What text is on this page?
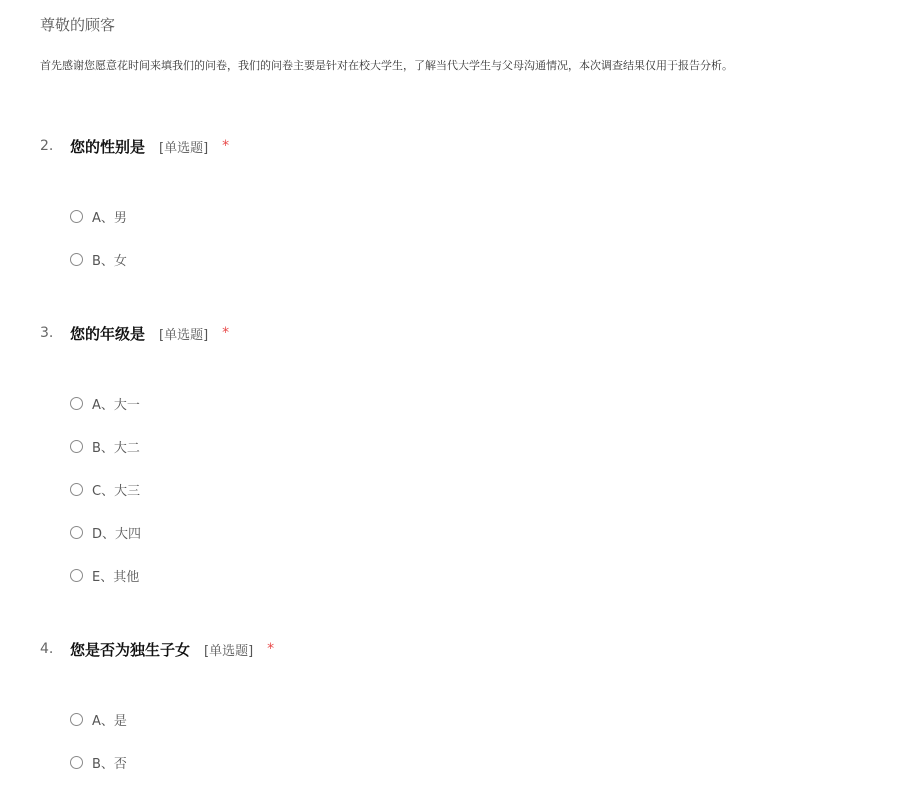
尊敬的顾客
首先感谢您愿意花时间来填我们的问卷，我们的问卷主要是针对在校大学生，了解当代大学生与父母沟通情况，本次调查结果仅用于报告分析。
2.	您的性别是 [单选题] *
A、男
B、女
3.	您的年级是 [单选题] *
A、大一
B、大二
C、大三
D、大四
E、其他
4.	您是否为独生子女 [单选题] *
A、是
B、否
